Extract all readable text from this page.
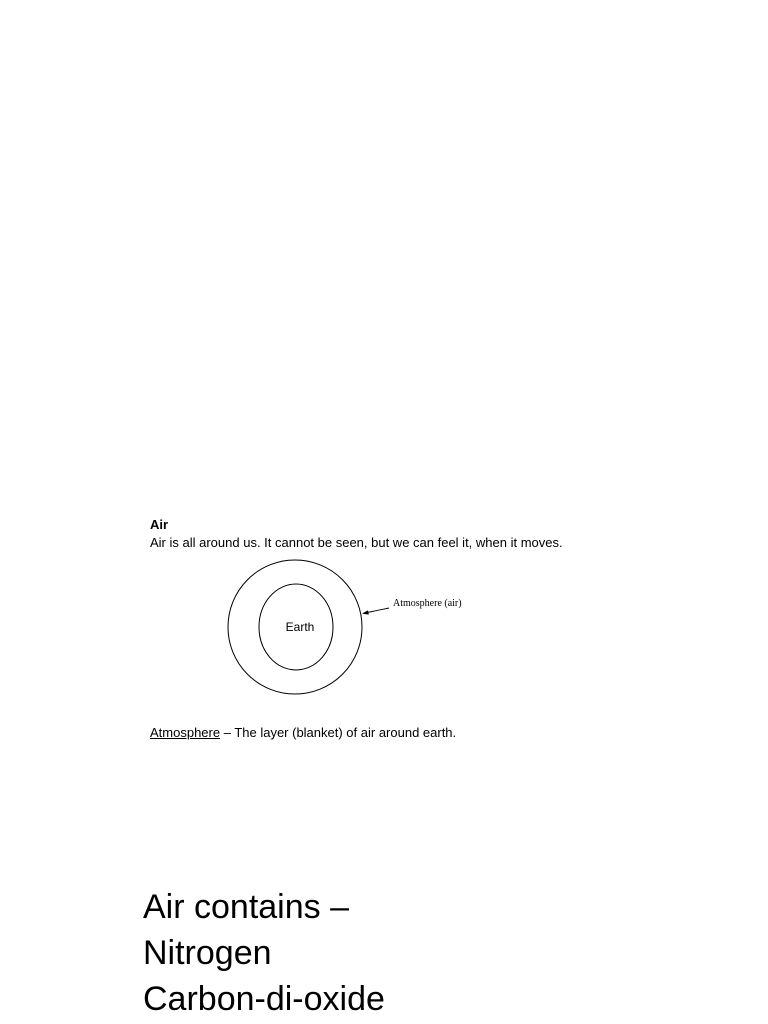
Air
Air is all around us. It cannot be seen, but we can feel it, when it moves.
Earth
Atmosphere (air)
Atmosphere – The layer (blanket) of air around earth.
Air contains –
Nitrogen
Carbon-di-oxide
